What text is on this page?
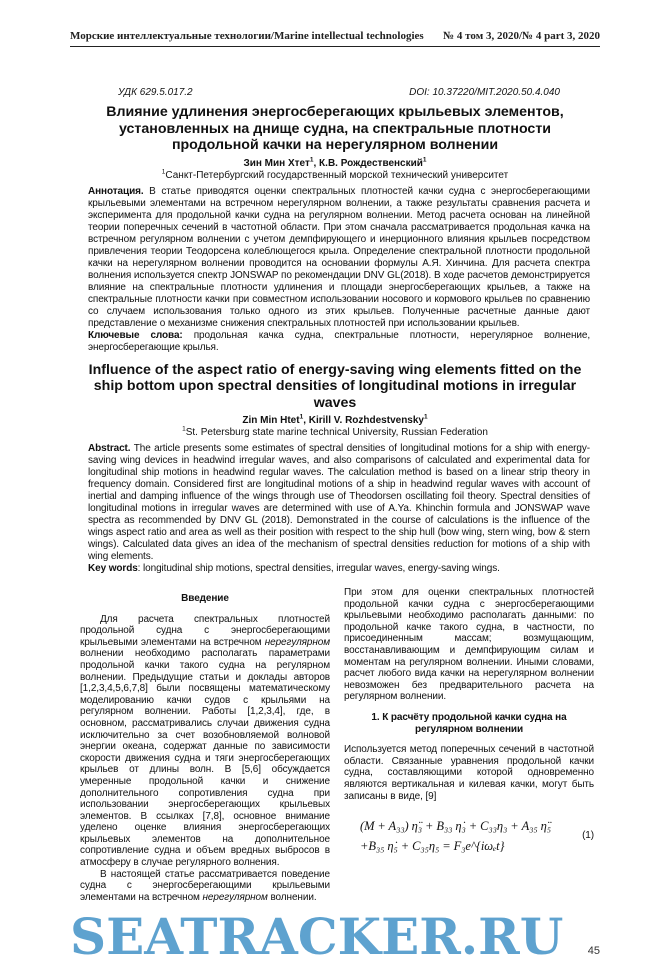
Морские интеллектуальные технологии/Marine intellectual technologies № 4 том 3, 2020/№ 4 part 3, 2020
УДК 629.5.017.2	DOI: 10.37220/MIT.2020.50.4.040
Влияние удлинения энергосберегающих крыльевых элементов, установленных на днище судна, на спектральные плотности продольной качки на нерегулярном волнении
Зин Мин Хтет$^1$, К.В. Рождественский$^1$
$^1$Санкт-Петербургский государственный морской технический университет
Аннотация. В статье приводятся оценки спектральных плотностей качки судна с энергосберегающими крыльевыми элементами на встречном нерегулярном волнении, а также результаты сравнения расчета и эксперимента для продольной качки судна на регулярном волнении. Метод расчета основан на линейной теории поперечных сечений в частотной области. При этом сначала рассматривается продольная качка на встречном регулярном волнении с учетом демпфирующего и инерционного влияния крыльев посредством привлечения теории Теодорсена колеблющегося крыла. Определение спектральной плотности продольной качки на нерегулярном волнении проводится на основании формулы А.Я. Хинчина. Для расчета спектра волнения используется спектр JONSWAP по рекомендации DNV GL(2018). В ходе расчетов демонстрируется влияние на спектральные плотности удлинения и площади энергосберегающих крыльев, а также на спектральные плотности качки при совместном использовании носового и кормового крыльев по сравнению со случаем использования только одного из этих крыльев. Полученные расчетные данные дают представление о механизме снижения спектральных плотностей при использовании крыльев.
Ключевые слова: продольная качка судна, спектральные плотности, нерегулярное волнение, энергосберегающие крылья.
Influence of the aspect ratio of energy-saving wing elements fitted on the ship bottom upon spectral densities of longitudinal motions in irregular waves
Zin Min Htet$^1$, Kirill V. Rozhdestvensky$^1$
$^1$St. Petersburg state marine technical University, Russian Federation
Abstract. The article presents some estimates of spectral densities of longitudinal motions for a ship with energy-saving wing devices in headwind irregular waves, and also comparisons of calculated and experimental data for longitudinal ship motions in headwind regular waves. The calculation method is based on a linear strip theory in frequency domain. Considered first are longitudinal motions of a ship in headwind regular waves with account of inertial and damping influence of the wings through use of Theodorsen oscillating foil theory. Spectral densities of longitudinal motions in irregular waves are determined with use of A.Ya. Khinchin formula and JONSWAP wave spectra as recommended by DNV GL (2018). Demonstrated in the course of calculations is the influence of the wings aspect ratio and area as well as their position with respect to the ship hull (bow wing, stern wing, bow & stern wings). Calculated data gives an idea of the mechanism of spectral densities reduction for motions of a ship with wing elements.
Key words: longitudinal ship motions, spectral densities, irregular waves, energy-saving wings.
Введение

Для расчета спектральных плотностей продольной судна с энергосберегающими крыльевыми элементами на встречном нерегулярном волнении необходимо располагать параметрами продольной качки такого судна на регулярном волнении. Предыдущие статьи и доклады авторов [1,2,3,4,5,6,7,8] были посвящены математическому моделированию качки судов с крыльями на регулярном волнении. Работы [1,2,3,4], где, в основном, рассматривались случаи движения судна исключительно за счет возобновляемой волновой энергии океана, содержат данные по зависимости скорости движения судна и тяги энергосберегающих крыльев от длины волн. В [5,6] обсуждается умеренные продольной качки и снижение дополнительного сопротивления судна при использовании энергосберегающих крыльевых элементов. В ссылках [7,8], основное внимание уделено оценке влияния энергосберегающих крыльевых элементов на дополнительное сопротивление судна и объем вредных выбросов в атмосферу в случае регулярного волнения.

В настоящей статье рассматривается поведение судна с энергосберегающими крыльевыми элементами на встречном нерегулярном волнении.

При этом для оценки спектральных плотностей продольной качки судна с энергосберегающими крыльевыми необходимо располагать данными: по продольной качке такого судна, в частности, по присоединенным массам; возмущающим, восстанавливающим и демпфирующим силам и моментам на регулярном волнении. Иными словами, расчет любого вида качки на нерегулярном волнении невозможен без предварительного расчета на регулярном волнении.
1. К расчёту продольной качки судна на регулярном волнении
Используется метод поперечных сечений в частотной области. Связанные уравнения продольной качки судна, составляющими которой одновременно являются вертикальная и килевая качки, могут быть записаны в виде, [9]
(M + A₃₃) η̈₃ + B₃₃ η̇₃ + C₃₃η₃ + A₃₅ η̈₅
+B₃₅ η̇₅ + C₃₅η₅ = F₃e^{iωₑt}
(1)
SEATRACKER.RU 45
